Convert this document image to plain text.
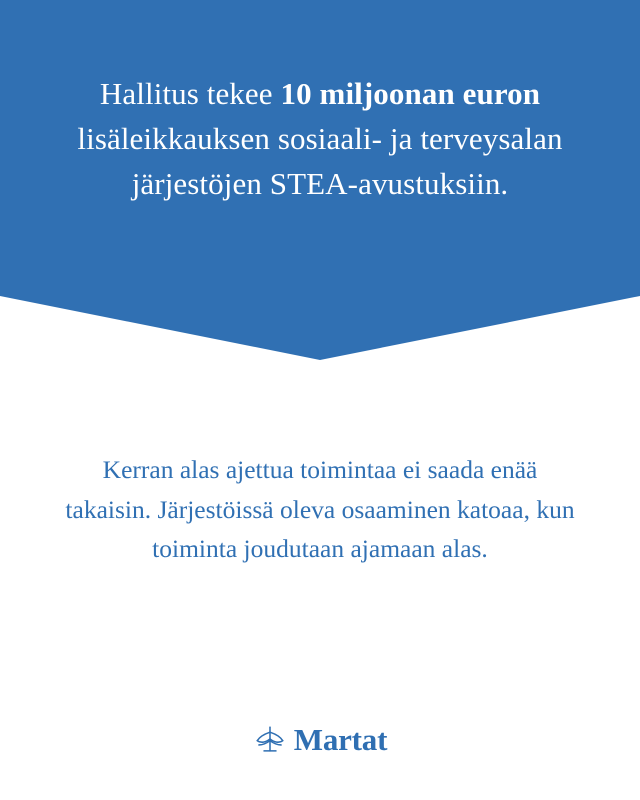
Hallitus tekee 10 miljoonan euron lisäleikkauksen sosiaali- ja terveysalan järjestöjen STEA-avustuksiin.
Kerran alas ajettua toimintaa ei saada enää takaisin. Järjestöissä oleva osaaminen katoaa, kun toiminta joudutaan ajamaan alas.
Martat
